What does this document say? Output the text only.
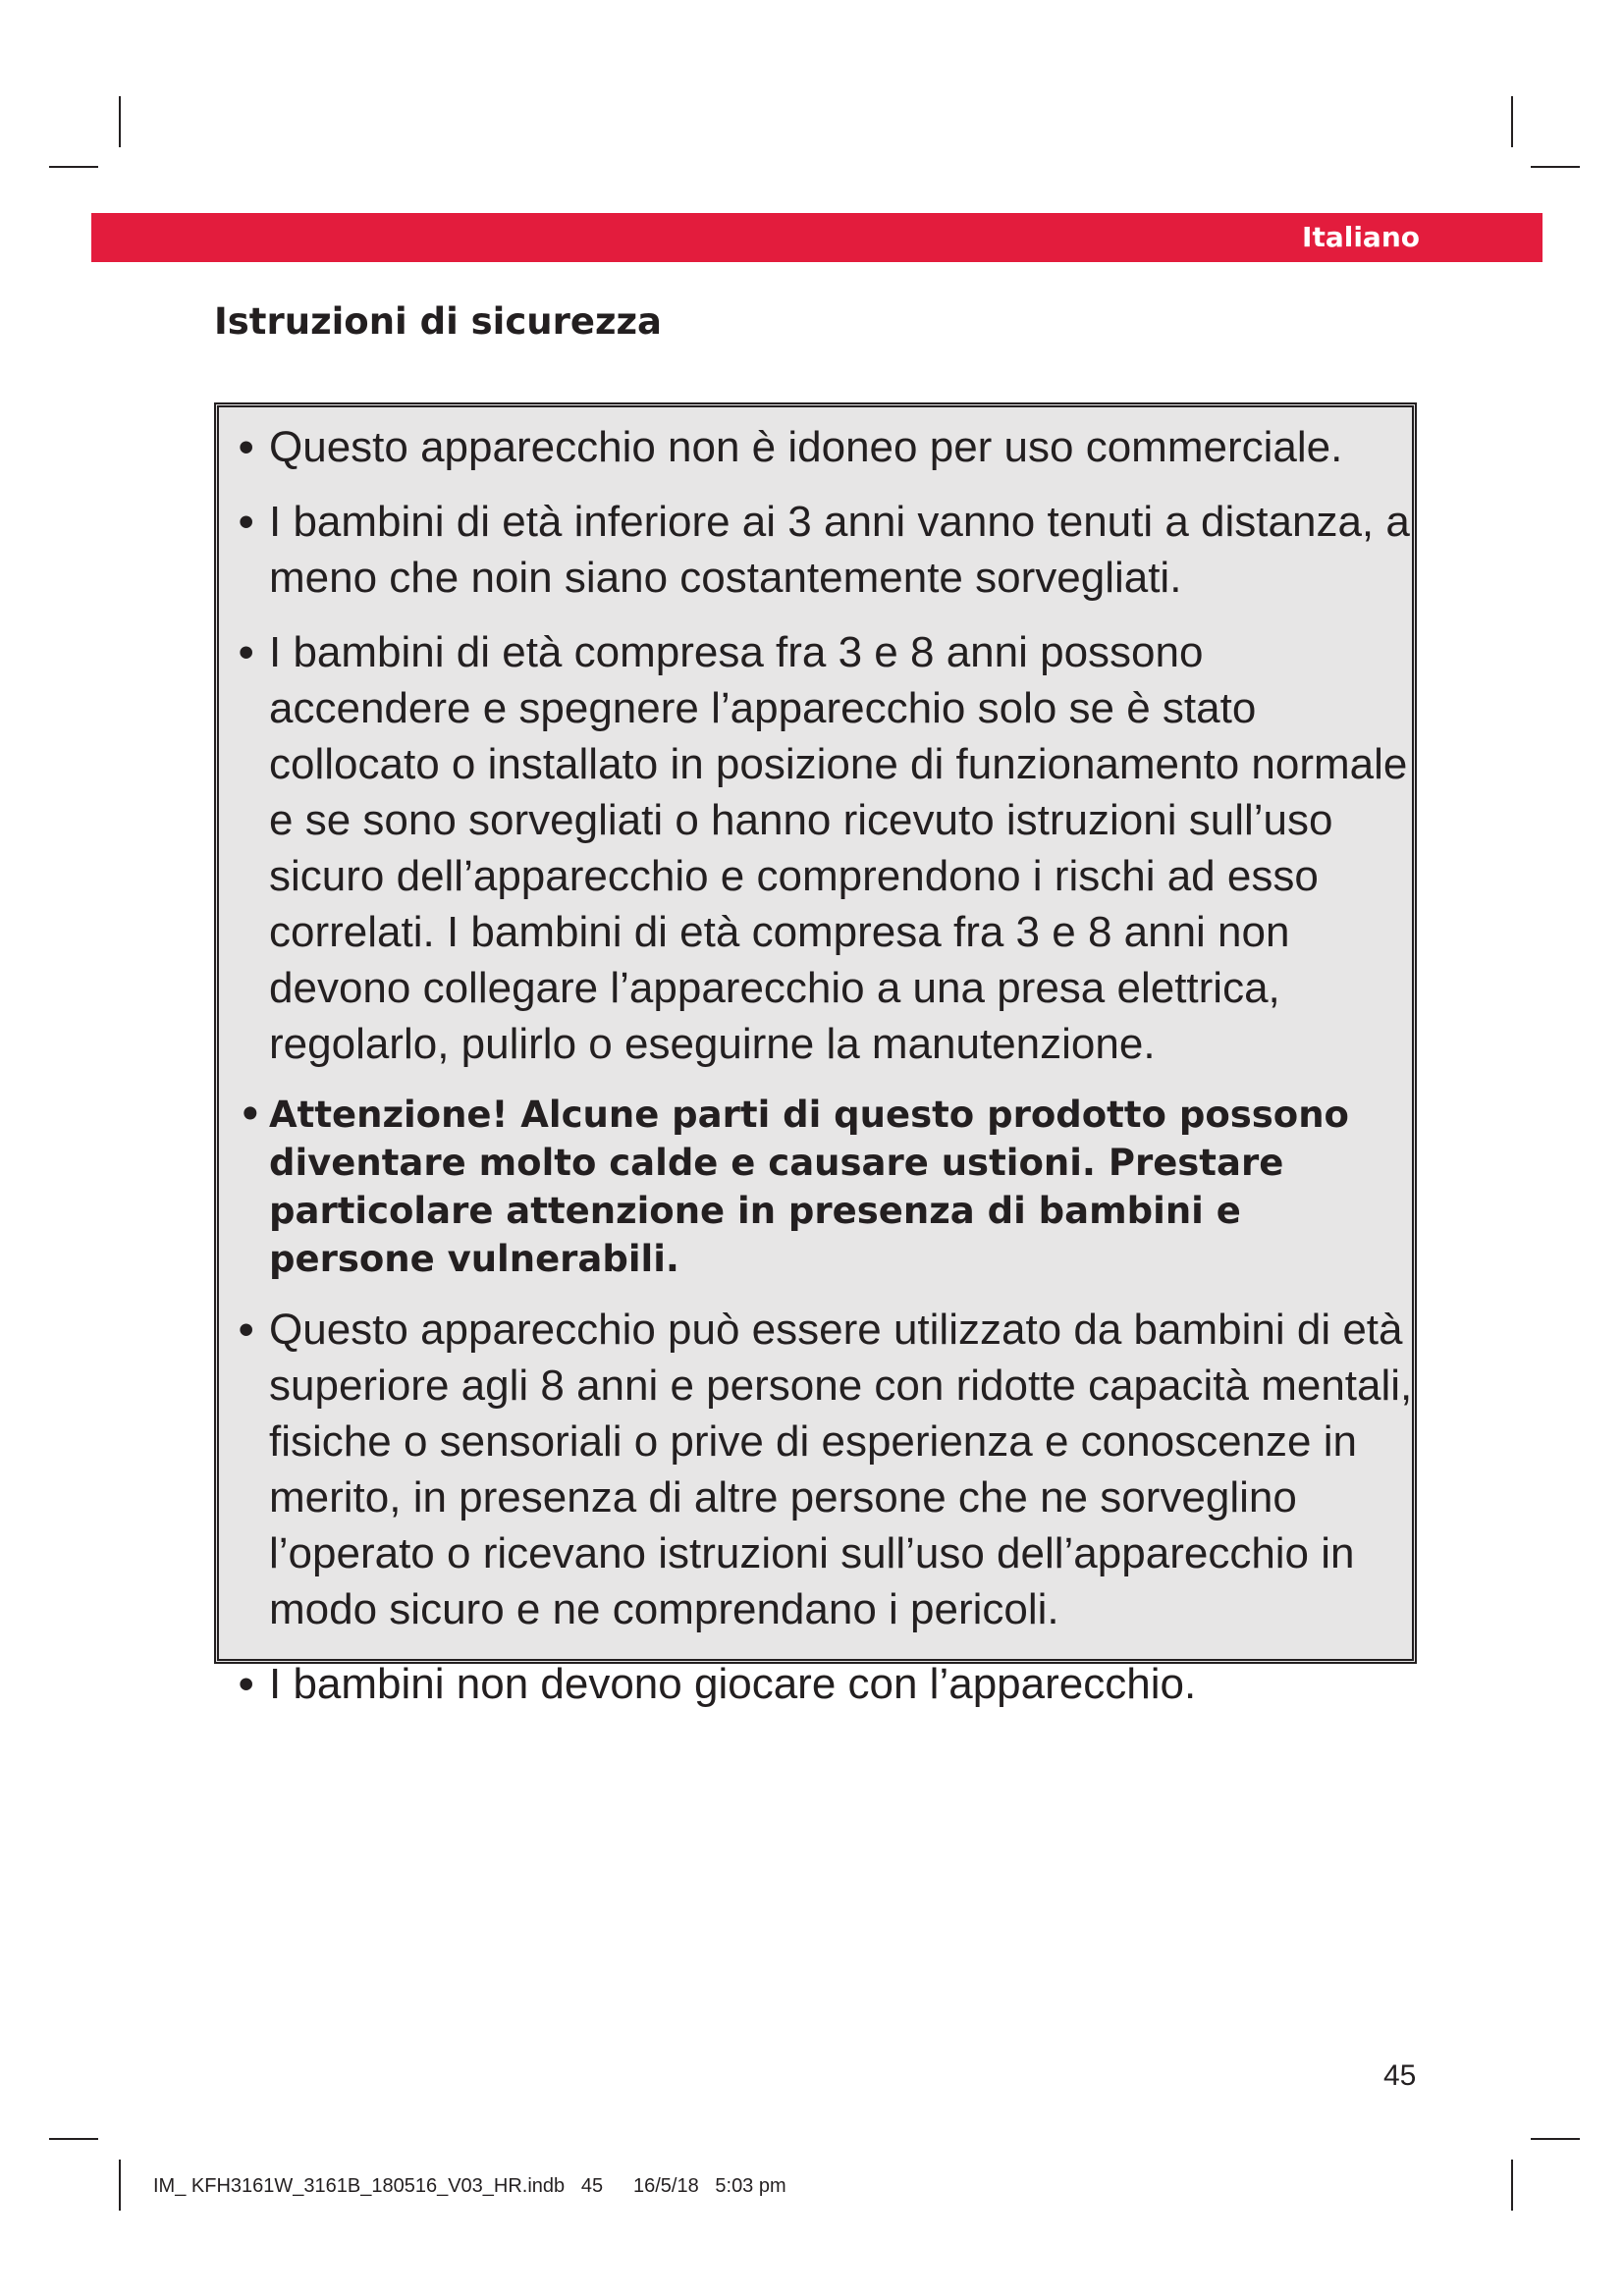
Italiano
Istruzioni di sicurezza
• Questo apparecchio non è idoneo per uso commerciale.
• I bambini di età inferiore ai 3 anni vanno tenuti a distanza, a meno che noin siano costantemente sorvegliati.
• I bambini di età compresa fra 3 e 8 anni possono accendere e spegnere l’apparecchio solo se è stato collocato o installato in posizione di funzionamento normale e se sono sorvegliati o hanno ricevuto istruzioni sull’uso sicuro dell’apparecchio e comprendono i rischi ad esso correlati. I bambini di età compresa fra 3 e 8 anni non devono collegare l’apparecchio a una presa elettrica, regolarlo, pulirlo o eseguirne la manutenzione.
• Attenzione! Alcune parti di questo prodotto possono diventare molto calde e causare ustioni. Prestare particolare attenzione in presenza di bambini e persone vulnerabili.
• Questo apparecchio può essere utilizzato da bambini di età superiore agli 8 anni e persone con ridotte capacità mentali, fisiche o sensoriali o prive di esperienza e conoscenze in merito, in presenza di altre persone che ne sorveglino l’operato o ricevano istruzioni sull’uso dell’apparecchio in modo sicuro e ne comprendano i pericoli.
• I bambini non devono giocare con l’apparecchio.
45
IM_ KFH3161W_3161B_180516_V03_HR.indb   45	16/5/18   5:03 pm
